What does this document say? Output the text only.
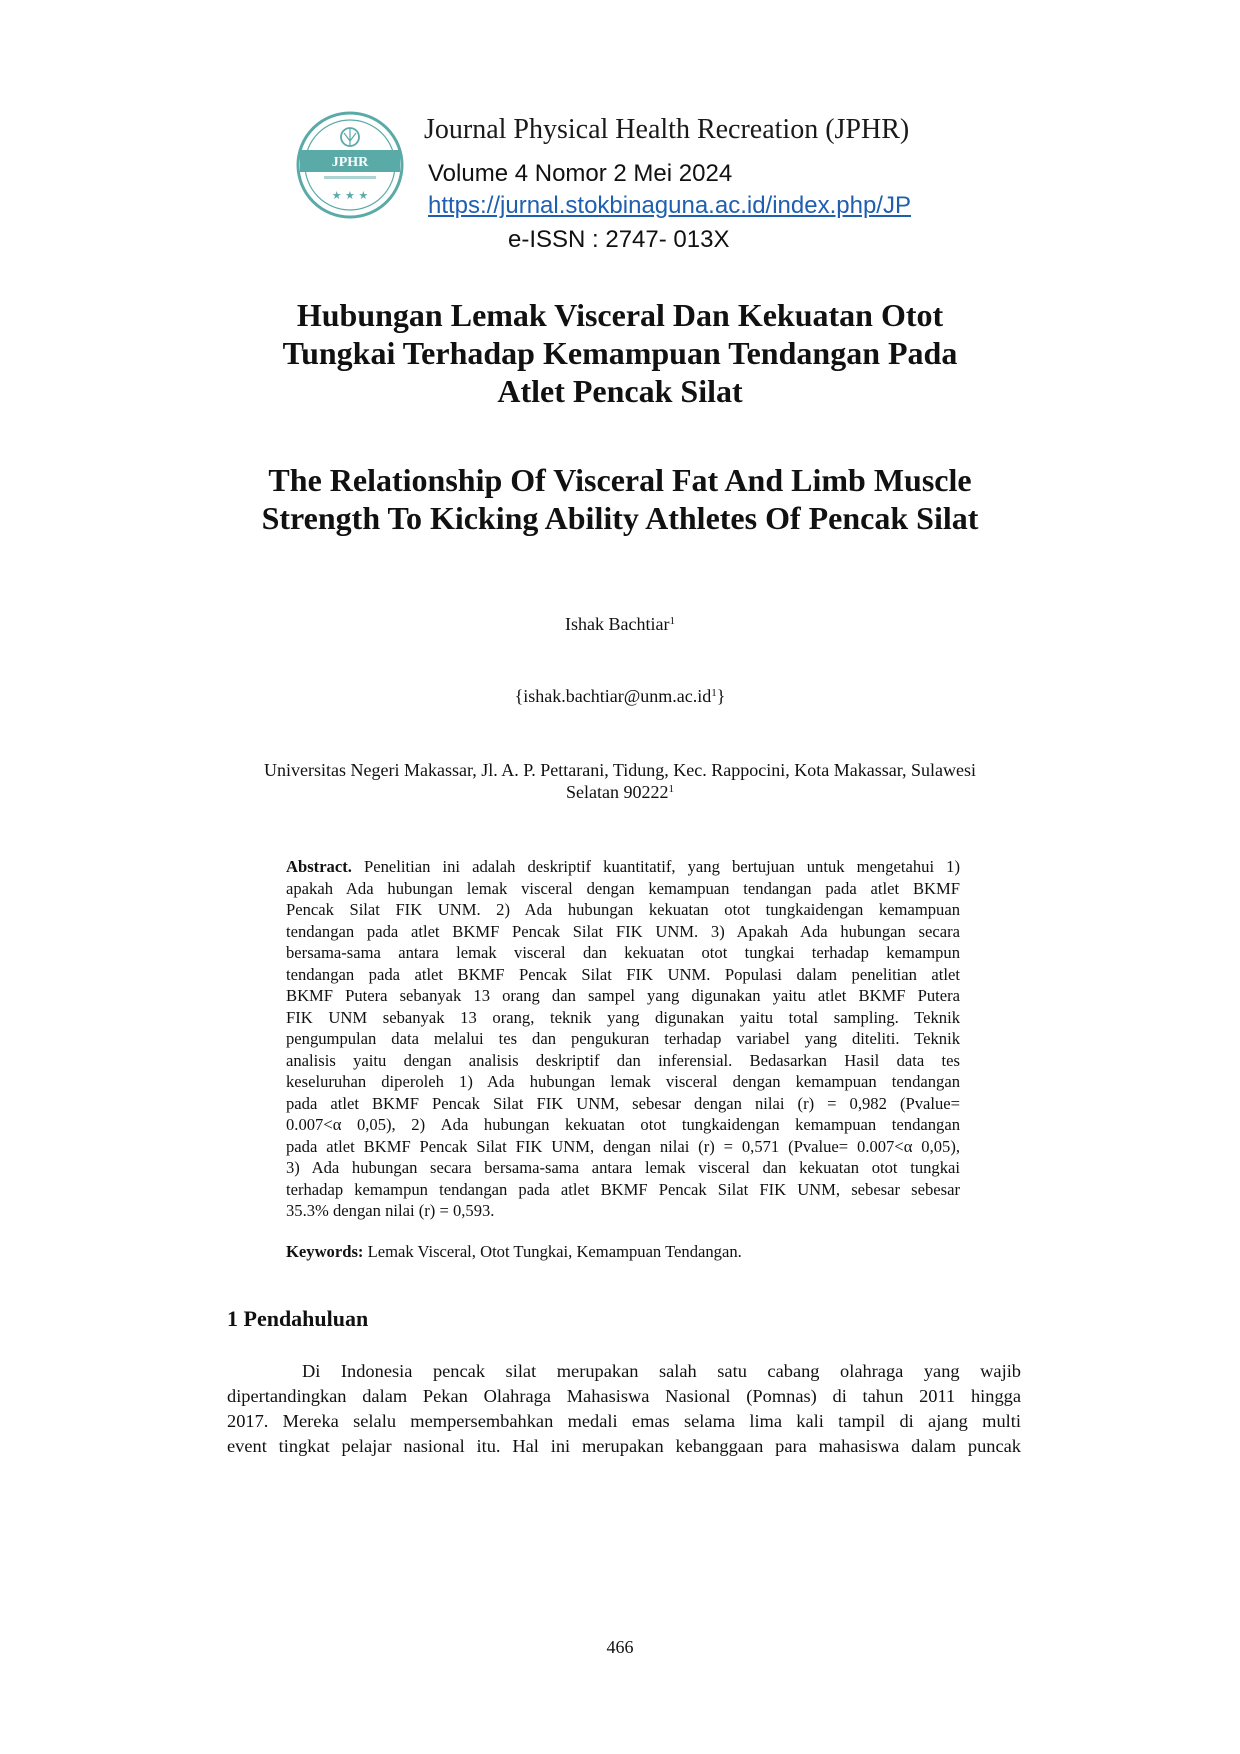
JPHR
★ ★ ★
Journal Physical Health Recreation (JPHR)
Volume 4 Nomor 2 Mei 2024
https://jurnal.stokbinaguna.ac.id/index.php/JP
e-ISSN : 2747- 013X
Hubungan Lemak Visceral Dan Kekuatan Otot
Tungkai Terhadap Kemampuan Tendangan Pada
Atlet Pencak Silat
The Relationship Of Visceral Fat And Limb Muscle
Strength To Kicking Ability Athletes Of Pencak Silat
Ishak Bachtiar$^1$
$\{ishak.bachtiar@unm.ac.id^1\}$
Universitas Negeri Makassar, Jl. A. P. Pettarani, Tidung, Kec. Rappocini, Kota Makassar, Sulawesi
Selatan 90222$^1$
Abstract. Penelitian ini adalah deskriptif kuantitatif, yang bertujuan untuk mengetahui 1)
apakah Ada hubungan lemak visceral dengan kemampuan tendangan pada atlet BKMF
Pencak Silat FIK UNM. 2) Ada hubungan kekuatan otot tungkaidengan kemampuan
tendangan pada atlet BKMF Pencak Silat FIK UNM. 3) Apakah Ada hubungan secara
bersama-sama antara lemak visceral dan kekuatan otot tungkai terhadap kemampun
tendangan pada atlet BKMF Pencak Silat FIK UNM. Populasi dalam penelitian atlet
BKMF Putera sebanyak 13 orang dan sampel yang digunakan yaitu atlet BKMF Putera
FIK UNM sebanyak 13 orang, teknik yang digunakan yaitu total sampling. Teknik
pengumpulan data melalui tes dan pengukuran terhadap variabel yang diteliti. Teknik
analisis yaitu dengan analisis deskriptif dan inferensial. Bedasarkan Hasil data tes
keseluruhan diperoleh 1) Ada hubungan lemak visceral dengan kemampuan tendangan
pada atlet BKMF Pencak Silat FIK UNM, sebesar dengan nilai (r) = 0,982 (Pvalue=
0.007<α 0,05), 2) Ada hubungan kekuatan otot tungkaidengan kemampuan tendangan
pada atlet BKMF Pencak Silat FIK UNM, dengan nilai (r) = 0,571 (Pvalue= 0.007<α 0,05),
3) Ada hubungan secara bersama-sama antara lemak visceral dan kekuatan otot tungkai
terhadap kemampun tendangan pada atlet BKMF Pencak Silat FIK UNM, sebesar sebesar
35.3% dengan nilai (r) = 0,593.
Keywords: Lemak Visceral, Otot Tungkai, Kemampuan Tendangan.
1 Pendahuluan
Di Indonesia pencak silat merupakan salah satu cabang olahraga yang wajib
dipertandingkan dalam Pekan Olahraga Mahasiswa Nasional (Pomnas) di tahun 2011 hingga
2017. Mereka selalu mempersembahkan medali emas selama lima kali tampil di ajang multi
event tingkat pelajar nasional itu. Hal ini merupakan kebanggaan para mahasiswa dalam puncak
466
